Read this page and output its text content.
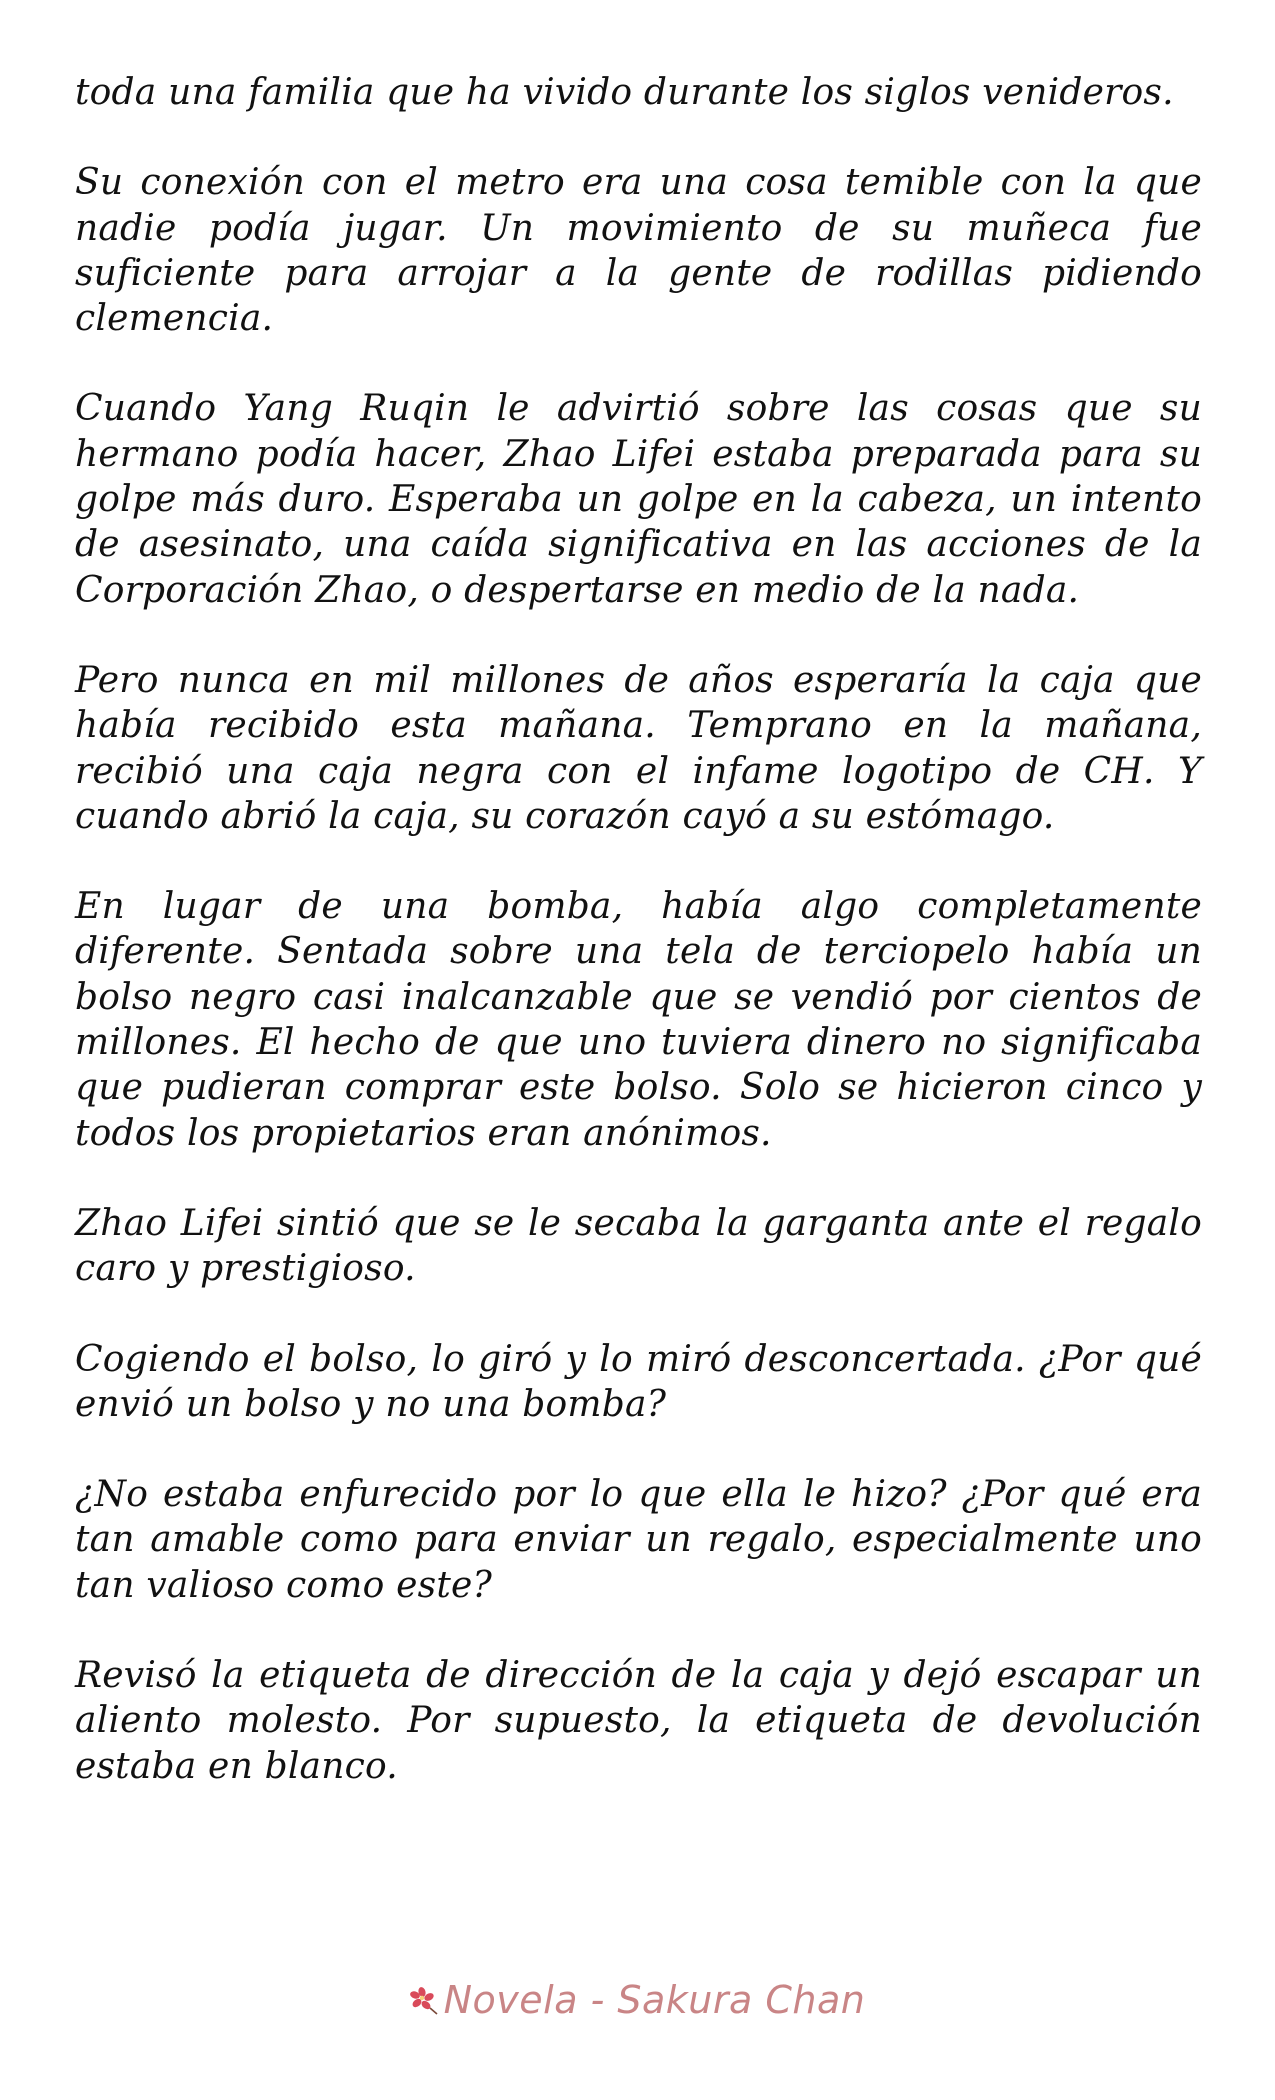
toda una familia que ha vivido durante los siglos venideros.

Su conexión con el metro era una cosa temible con la que nadie podía jugar. Un movimiento de su muñeca fue suficiente para arrojar a la gente de rodillas pidiendo clemencia.

Cuando Yang Ruqin le advirtió sobre las cosas que su hermano podía hacer, Zhao Lifei estaba preparada para su golpe más duro. Esperaba un golpe en la cabeza, un intento de asesinato, una caída significativa en las acciones de la Corporación Zhao, o despertarse en medio de la nada.

Pero nunca en mil millones de años esperaría la caja que había recibido esta mañana. Temprano en la mañana, recibió una caja negra con el infame logotipo de CH. Y cuando abrió la caja, su corazón cayó a su estómago.

En lugar de una bomba, había algo completamente diferente. Sentada sobre una tela de terciopelo había un bolso negro casi inalcanzable que se vendió por cientos de millones. El hecho de que uno tuviera dinero no significaba que pudieran comprar este bolso. Solo se hicieron cinco y todos los propietarios eran anónimos.

Zhao Lifei sintió que se le secaba la garganta ante el regalo caro y prestigioso.

Cogiendo el bolso, lo giró y lo miró desconcertada. ¿Por qué envió un bolso y no una bomba?

¿No estaba enfurecido por lo que ella le hizo? ¿Por qué era tan amable como para enviar un regalo, especialmente uno tan valioso como este?

Revisó la etiqueta de dirección de la caja y dejó escapar un aliento molesto. Por supuesto, la etiqueta de devolución estaba en blanco.

Novela - Sakura Chan
